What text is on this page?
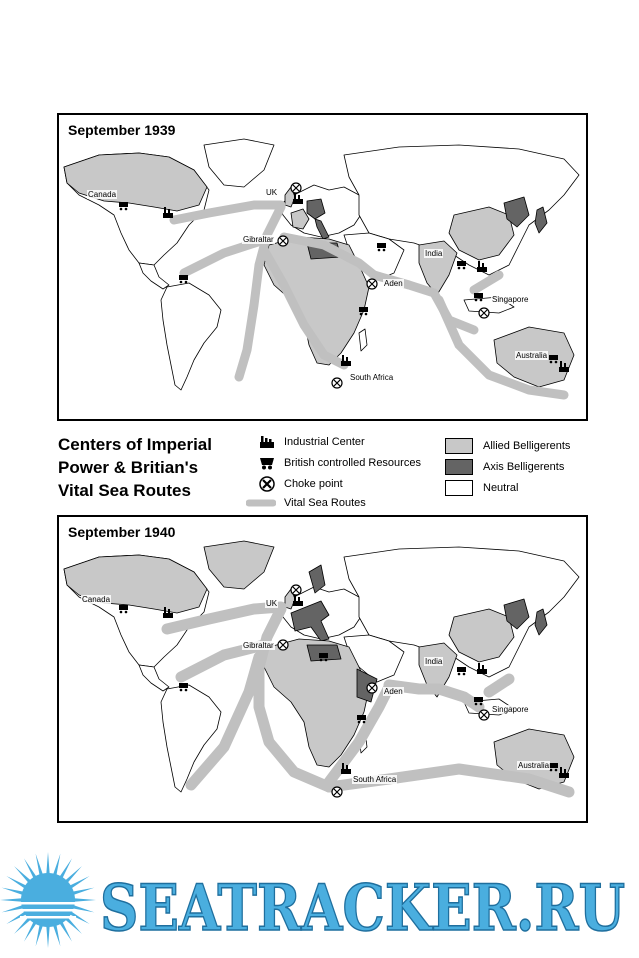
September 1939
Canada	UK
Gibraltar
Aden
India
Singapore
Australia
South Africa
Centers of Imperial
Power & Britian's
Vital Sea Routes
Industrial Center
British controlled Resources
Choke point
Vital Sea Routes
Allied Belligerents
Axis Belligerents
Neutral
September 1940
Canada	UK
Gibraltar
Aden
India
Singapore
Australia
South Africa
SEATRACKER.RU
